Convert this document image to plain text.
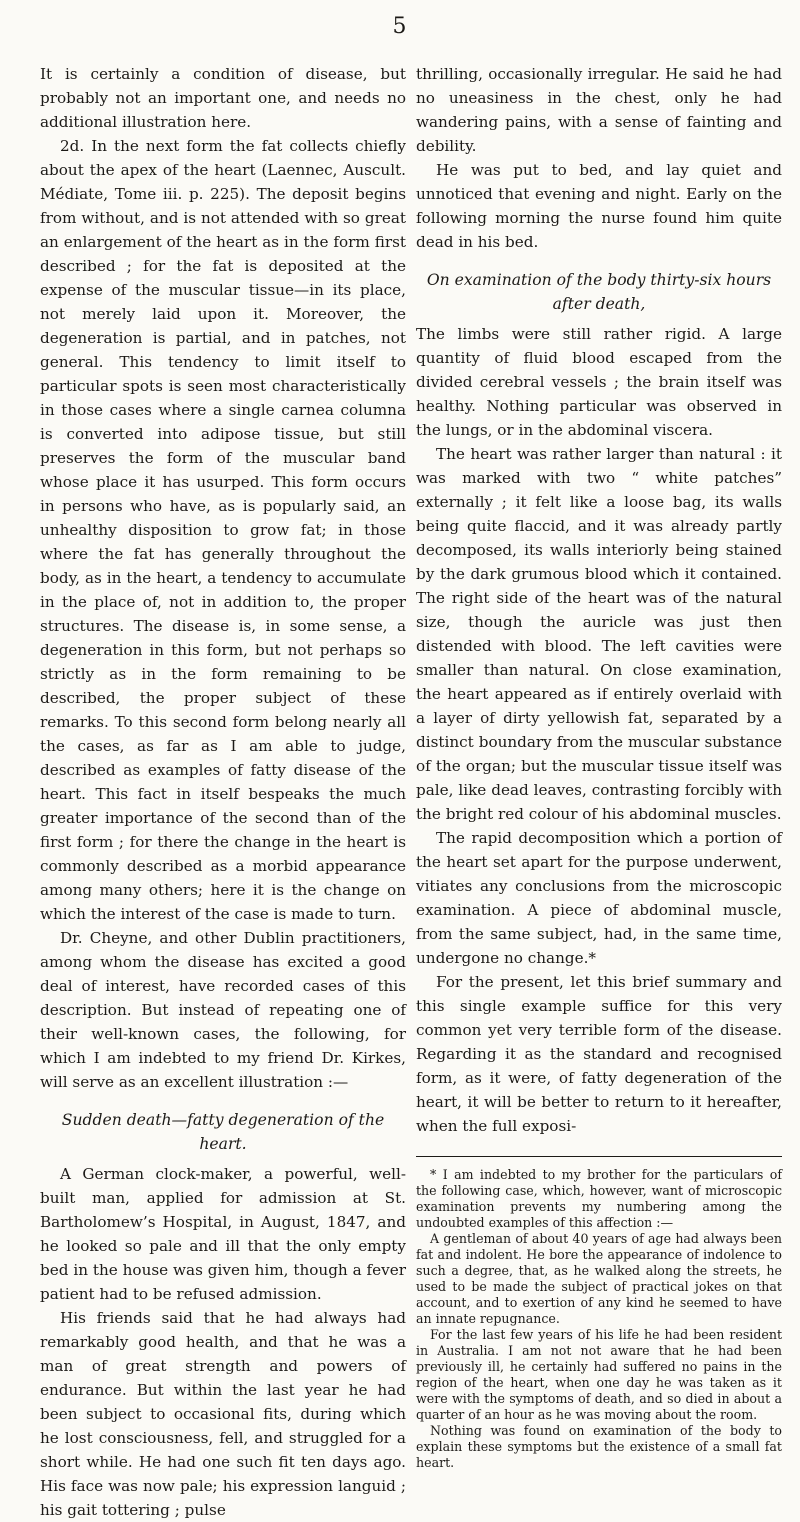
5

It is certainly a condition of disease, but probably not an important one, and needs no additional illustration here.

2d. In the next form the fat collects chiefly about the apex of the heart (Laennec, Auscult. Médiate, Tome iii. p. 225). The deposit begins from without, and is not attended with so great an enlargement of the heart as in the form first described ; for the fat is deposited at the expense of the muscular tissue—in its place, not merely laid upon it. Moreover, the degeneration is partial, and in patches, not general. This tendency to limit itself to particular spots is seen most characteristically in those cases where a single carnea columna is converted into adipose tissue, but still preserves the form of the muscular band whose place it has usurped. This form occurs in persons who have, as is popularly said, an unhealthy disposition to grow fat; in those where the fat has generally throughout the body, as in the heart, a tendency to accumulate in the place of, not in addition to, the proper structures. The disease is, in some sense, a degeneration in this form, but not perhaps so strictly as in the form remaining to be described, the proper subject of these remarks. To this second form belong nearly all the cases, as far as I am able to judge, described as examples of fatty disease of the heart. This fact in itself bespeaks the much greater importance of the second than of the first form ; for there the change in the heart is commonly described as a morbid appearance among many others; here it is the change on which the interest of the case is made to turn.

Dr. Cheyne, and other Dublin practitioners, among whom the disease has excited a good deal of interest, have recorded cases of this description. But instead of repeating one of their well-known cases, the following, for which I am indebted to my friend Dr. Kirkes, will serve as an excellent illustration :—

Sudden death—fatty degeneration of the heart.

A German clock-maker, a powerful, well-built man, applied for admission at St. Bartholomew’s Hospital, in August, 1847, and he looked so pale and ill that the only empty bed in the house was given him, though a fever patient had to be refused admission.

His friends said that he had always had remarkably good health, and that he was a man of great strength and powers of endurance. But within the last year he had been subject to occasional fits, during which he lost consciousness, fell, and struggled for a short while. He had one such fit ten days ago. His face was now pale; his expression languid ; his gait tottering ; pulse

thrilling, occasionally irregular. He said he had no uneasiness in the chest, only he had wandering pains, with a sense of fainting and debility.

He was put to bed, and lay quiet and unnoticed that evening and night. Early on the following morning the nurse found him quite dead in his bed.

On examination of the body thirty-six hours after death,

The limbs were still rather rigid. A large quantity of fluid blood escaped from the divided cerebral vessels ; the brain itself was healthy. Nothing particular was observed in the lungs, or in the abdominal viscera.

The heart was rather larger than natural : it was marked with two “ white patches” externally ; it felt like a loose bag, its walls being quite flaccid, and it was already partly decomposed, its walls interiorly being stained by the dark grumous blood which it contained. The right side of the heart was of the natural size, though the auricle was just then distended with blood. The left cavities were smaller than natural. On close examination, the heart appeared as if entirely overlaid with a layer of dirty yellowish fat, separated by a distinct boundary from the muscular substance of the organ; but the muscular tissue itself was pale, like dead leaves, contrasting forcibly with the bright red colour of his abdominal muscles.

The rapid decomposition which a portion of the heart set apart for the purpose underwent, vitiates any conclusions from the microscopic examination. A piece of abdominal muscle, from the same subject, had, in the same time, undergone no change.*

For the present, let this brief summary and this single example suffice for this very common yet very terrible form of the disease. Regarding it as the standard and recognised form, as it were, of fatty degeneration of the heart, it will be better to return to it hereafter, when the full exposi-

* I am indebted to my brother for the particulars of the following case, which, however, want of microscopic examination prevents my numbering among the undoubted examples of this affection :—

A gentleman of about 40 years of age had always been fat and indolent. He bore the appearance of indolence to such a degree, that, as he walked along the streets, he used to be made the subject of practical jokes on that account, and to exertion of any kind he seemed to have an innate repugnance.

For the last few years of his life he had been resident in Australia. I am not not aware that he had been previously ill, he certainly had suffered no pains in the region of the heart, when one day he was taken as it were with the symptoms of death, and so died in about a quarter of an hour as he was moving about the room.

Nothing was found on examination of the body to explain these symptoms but the existence of a small fat heart.
